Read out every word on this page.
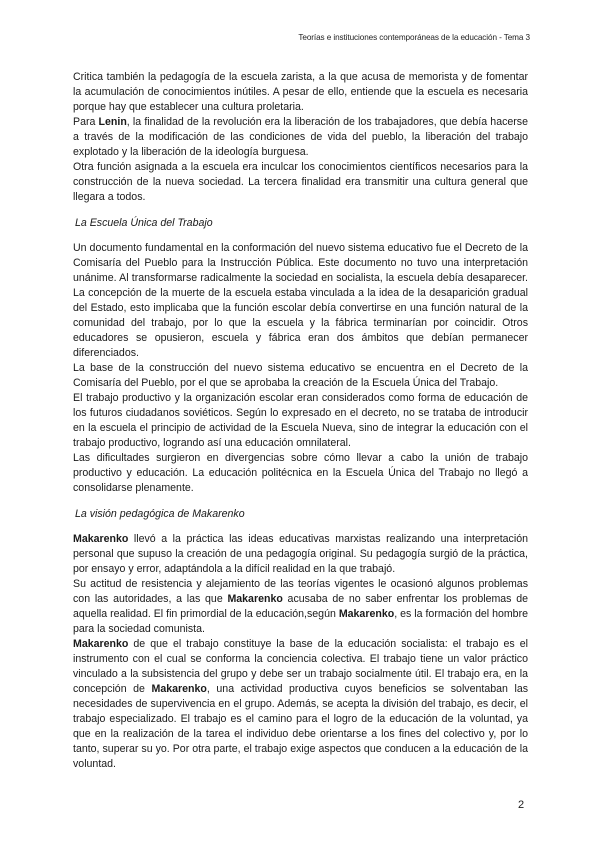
Teorías e instituciones contemporáneas de la educación - Tema 3

Critica también la pedagogía de la escuela zarista, a la que acusa de memorista y de fomentar la acumulación de conocimientos inútiles. A pesar de ello, entiende que la escuela es necesaria porque hay que establecer una cultura proletaria.

Para Lenin, la finalidad de la revolución era la liberación de los trabajadores, que debía hacerse a través de la modificación de las condiciones de vida del pueblo, la liberación del trabajo explotado y la liberación de la ideología burguesa.

Otra función asignada a la escuela era inculcar los conocimientos científicos necesarios para la construcción de la nueva sociedad. La tercera finalidad era transmitir una cultura general que llegara a todos.

La Escuela Única del Trabajo

Un documento fundamental en la conformación del nuevo sistema educativo fue el Decreto de la Comisaría del Pueblo para la Instrucción Pública. Este documento no tuvo una interpretación unánime. Al transformarse radicalmente la sociedad en socialista, la escuela debía desaparecer. La concepción de la muerte de la escuela estaba vinculada a la idea de la desaparición gradual del Estado, esto implicaba que la función escolar debía convertirse en una función natural de la comunidad del trabajo, por lo que la escuela y la fábrica terminarían por coincidir. Otros educadores se opusieron, escuela y fábrica eran dos ámbitos que debían permanecer diferenciados.

La base de la construcción del nuevo sistema educativo se encuentra en el Decreto de la Comisaría del Pueblo, por el que se aprobaba la creación de la Escuela Única del Trabajo.

El trabajo productivo y la organización escolar eran considerados como forma de educación de los futuros ciudadanos soviéticos. Según lo expresado en el decreto, no se trataba de introducir en la escuela el principio de actividad de la Escuela Nueva, sino de integrar la educación con el trabajo productivo, logrando así una educación omnilateral.

Las dificultades surgieron en divergencias sobre cómo llevar a cabo la unión de trabajo productivo y educación. La educación politécnica en la Escuela Única del Trabajo no llegó a consolidarse plenamente.

La visión pedagógica de Makarenko

Makarenko llevó a la práctica las ideas educativas marxistas realizando una interpretación personal que supuso la creación de una pedagogía original. Su pedagogía surgió de la práctica, por ensayo y error, adaptándola a la difícil realidad en la que trabajó.

Su actitud de resistencia y alejamiento de las teorías vigentes le ocasionó algunos problemas con las autoridades, a las que Makarenko acusaba de no saber enfrentar los problemas de aquella realidad. El fin primordial de la educación,según Makarenko, es la formación del hombre para la sociedad comunista.

Makarenko de que el trabajo constituye la base de la educación socialista: el trabajo es el instrumento con el cual se conforma la conciencia colectiva. El trabajo tiene un valor práctico vinculado a la subsistencia del grupo y debe ser un trabajo socialmente útil. El trabajo era, en la concepción de Makarenko, una actividad productiva cuyos beneficios se solventaban las necesidades de supervivencia en el grupo. Además, se acepta la división del trabajo, es decir, el trabajo especializado. El trabajo es el camino para el logro de la educación de la voluntad, ya que en la realización de la tarea el individuo debe orientarse a los fines del colectivo y, por lo tanto, superar su yo. Por otra parte, el trabajo exige aspectos que conducen a la educación de la voluntad.

2
